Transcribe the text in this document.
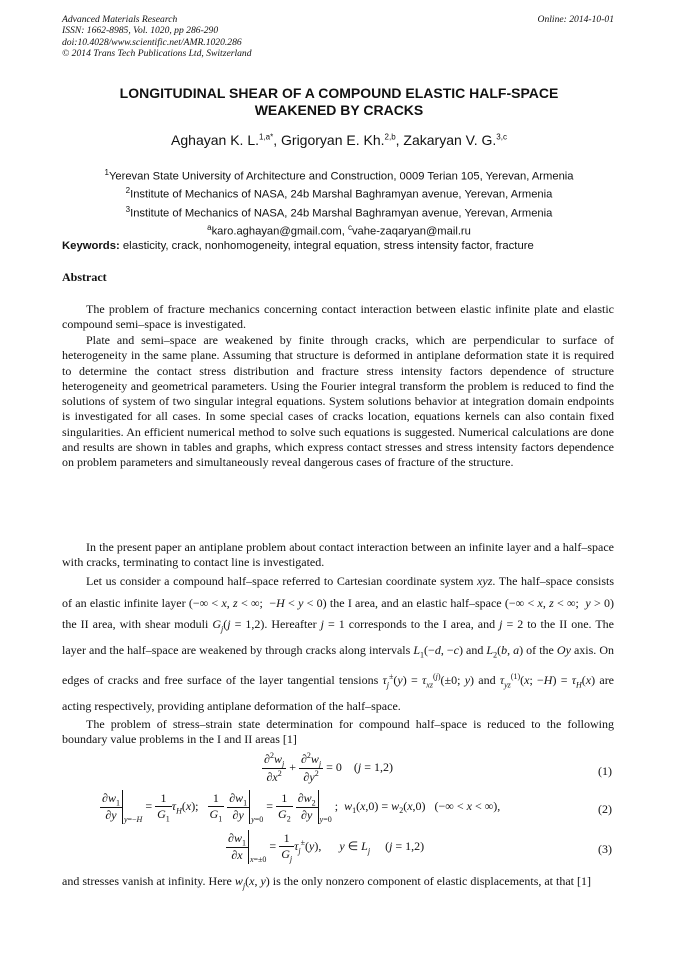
Advanced Materials Research
ISSN: 1662-8985, Vol. 1020, pp 286-290
doi:10.4028/www.scientific.net/AMR.1020.286
© 2014 Trans Tech Publications Ltd, Switzerland
Online: 2014-10-01
LONGITUDINAL SHEAR OF A COMPOUND ELASTIC HALF-SPACE
WEAKENED BY CRACKS
Aghayan K. L.$^{1,a*}$, Grigoryan E. Kh.$^{2,b}$, Zakaryan V. G.$^{3,c}$
$^1$Yerevan State University of Architecture and Construction, 0009 Terian 105, Yerevan, Armenia
$^2$Institute of Mechanics of NASA, 24b Marshal Baghramyan avenue, Yerevan, Armenia
$^3$Institute of Mechanics of NASA, 24b Marshal Baghramyan avenue, Yerevan, Armenia
$^a$karo.aghayan@gmail.com, $^c$vahe-zaqaryan@mail.ru
Keywords: elasticity, crack, nonhomogeneity, integral equation, stress intensity factor, fracture
Abstract
The problem of fracture mechanics concerning contact interaction between elastic infinite plate and elastic compound semi–space is investigated.
Plate and semi–space are weakened by finite through cracks, which are perpendicular to surface of heterogeneity in the same plane. Assuming that structure is deformed in antiplane deformation state it is required to determine the contact stress distribution and fracture stress intensity factors dependence of structure heterogeneity and geometrical parameters. Using the Fourier integral transform the problem is reduced to find the solutions of system of two singular integral equations. System solutions behavior at integration domain endpoints is investigated for all cases. In some special cases of cracks location, equations kernels can also contain fixed singularities. An efficient numerical method to solve such equations is suggested. Numerical calculations are done and results are shown in tables and graphs, which express contact stresses and stress intensity factors dependence on problem parameters and simultaneously reveal dangerous cases of fracture of the structure.
In the present paper an antiplane problem about contact interaction between an infinite layer and a half–space with cracks, terminating to contact line is investigated.
Let us consider a compound half–space referred to Cartesian coordinate system xyz. The half–space consists of an elastic infinite layer (−∞ < x, z < ∞;  −H < y < 0) the I area, and an elastic half–space (−∞ < x, z < ∞;  y > 0) the II area, with shear moduli $G_j(j = 1,2)$. Hereafter j = 1 corresponds to the I area, and j = 2 to the II one. The layer and the half–space are weakened by through cracks along intervals $L_1(-d$, −c) and $L_2(b$, a) of the Oy axis. On edges of cracks and free surface of the layer tangential tensions $\tau_j^\pm(y) = \tau_{xz}^{(j)}(\pm 0$; y) and $\tau_{yz}^{(1)}(x$; $-H) = \tau_H(x)$ are acting respectively, providing antiplane deformation of the half–space.
The problem of stress–strain state determination for compound half–space is reduced to the following boundary value problems in the I and II areas [1]
$\frac{\partial^2w_j}{\partial x^2} + \frac{\partial^2w_j}{\partial y^2} = 0$    (j = 1,2)	(1)
$\frac{\partial w_1}{\partial y} y=-H = \frac{1}{G_1} \tau_H(x)$; $\frac{1}{G_1}$
$\frac{\partial w_1}{\partial y} y=0 = \frac{1}{G_2}$
$\frac{\partial w_2}{\partial y} y=0$ ;  $w_1(x,0) = w_2(x,0)$   (−∞ < x < ∞),	(2)
$\frac{\partial w_1}{\partial x} x=\pm 0 = \frac{1}{G_j} \tau_j^\pm(y)$,      y ∈ $L_j$     (j = 1,2)	(3)
and stresses vanish at infinity. Here $w_j(x$, y) is the only nonzero component of elastic displacements, at that [1]
